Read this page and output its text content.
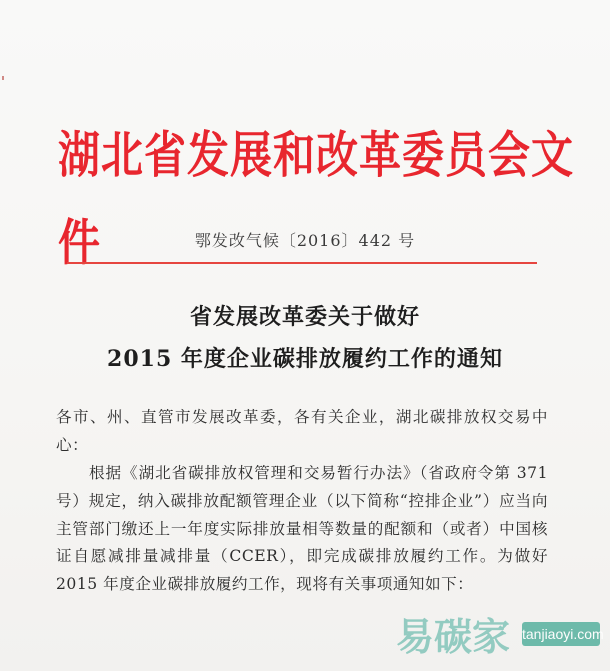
湖北省发展和改革委员会文件	鄂发改气候〔2016〕442 号
省发展改革委关于做好
2015 年度企业碳排放履约工作的通知
各市、州、直管市发展改革委，各有关企业，湖北碳排放权交易中心：
根据《湖北省碳排放权管理和交易暂行办法》（省政府令第 371 号）规定，纳入碳排放配额管理企业（以下简称“控排企业”）应当向主管部门缴还上一年度实际排放量相等数量的配额和（或者）中国核证自愿减排量减排量（CCER），即完成碳排放履约工作。为做好 2015 年度企业碳排放履约工作，现将有关事项通知如下：
易碳家 tanjiaoyi.com
